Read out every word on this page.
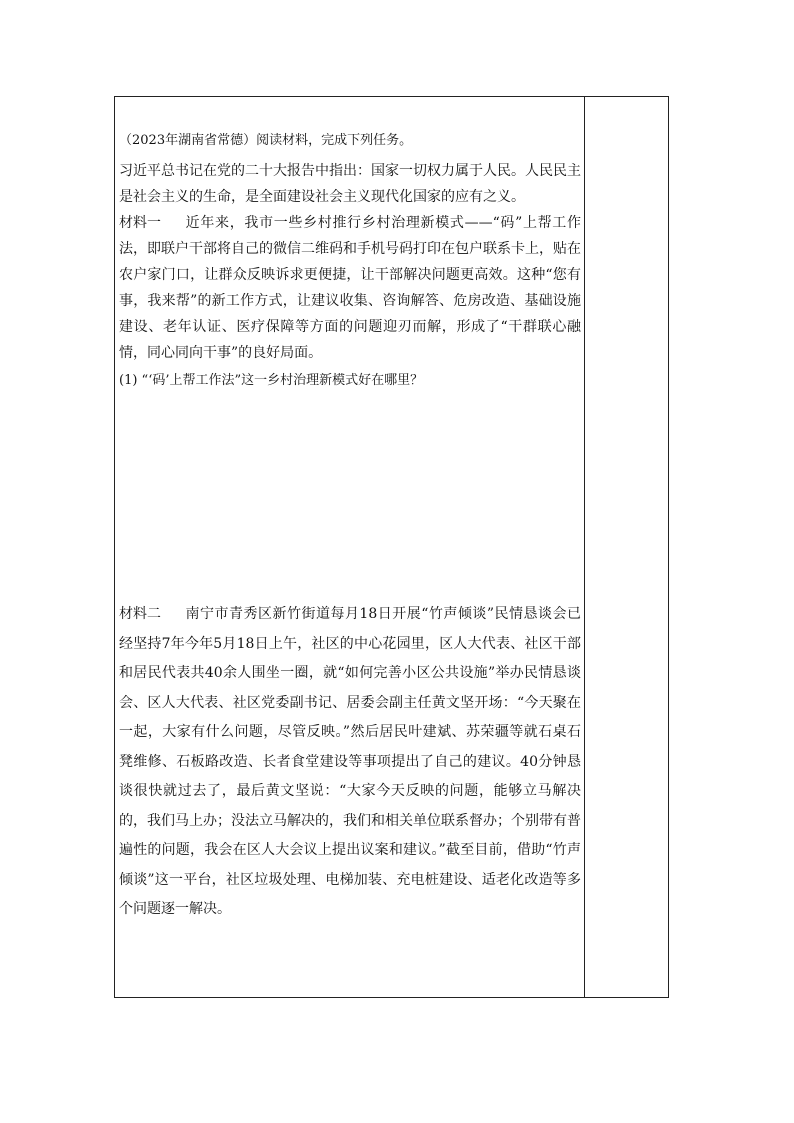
（2023年湖南省常德）阅读材料，完成下列任务。

习近平总书记在党的二十大报告中指出：国家一切权力属于人民。人民民主是社会主义的生命，是全面建设社会主义现代化国家的应有之义。

材料一 近年来，我市一些乡村推行乡村治理新模式——“码”上帮工作法，即联户干部将自己的微信二维码和手机号码打印在包户联系卡上，贴在农户家门口，让群众反映诉求更便捷，让干部解决问题更高效。这种“您有事，我来帮”的新工作方式，让建议收集、咨询解答、危房改造、基础设施建设、老年认证、医疗保障等方面的问题迎刃而解，形成了“干群联心融情，同心同向干事”的良好局面。

(1) “‘码’上帮工作法”这一乡村治理新模式好在哪里？

材料二 南宁市青秀区新竹街道每月18日开展“竹声倾谈”民情恳谈会已经坚持7年今年5月18日上午，社区的中心花园里，区人大代表、社区干部和居民代表共40余人围坐一圈，就“如何完善小区公共设施”举办民情恳谈会、区人大代表、社区党委副书记、居委会副主任黄文坚开场：“今天聚在一起，大家有什么问题，尽管反映。”然后居民叶建斌、苏荣疆等就石桌石凳维修、石板路改造、长者食堂建设等事项提出了自己的建议。40分钟恳谈很快就过去了，最后黄文坚说：“大家今天反映的问题，能够立马解决的，我们马上办；没法立马解决的，我们和相关单位联系督办；个别带有普遍性的问题，我会在区人大会议上提出议案和建议。”截至目前，借助“竹声倾谈”这一平台，社区垃圾处理、电梯加装、充电桩建设、适老化改造等多个问题逐一解决。
